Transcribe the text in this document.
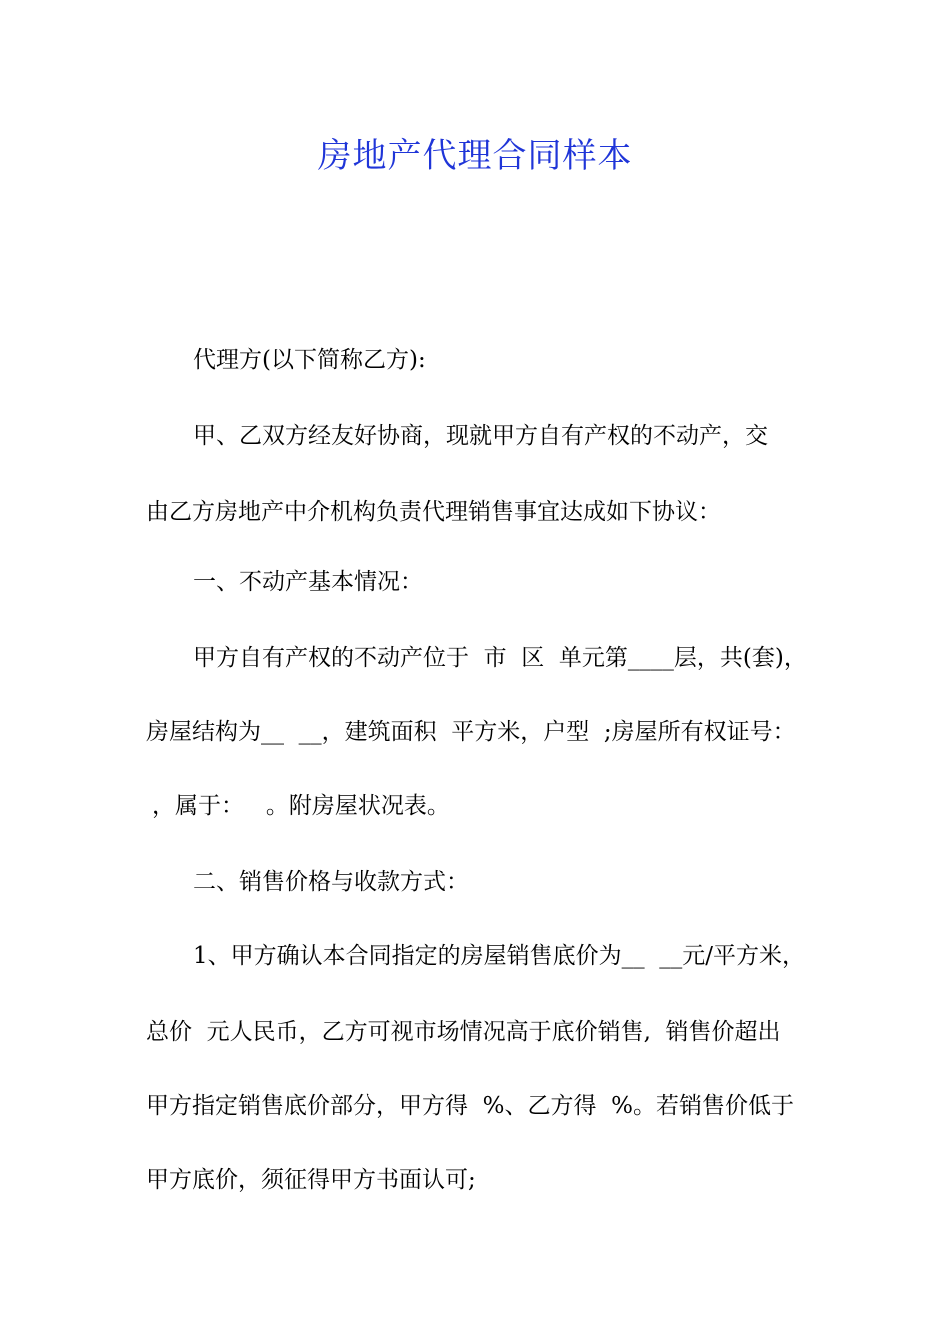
房地产代理合同样本
代理方(以下简称乙方):
甲、乙双方经友好协商，现就甲方自有产权的不动产，交
由乙方房地产中介机构负责代理销售事宜达成如下协议：
一、不动产基本情况：
甲方自有产权的不动产位于  市  区  单元第____层，共(套)，
房屋结构为__  __，建筑面积  平方米，户型  ;房屋所有权证号：
，属于：   。附房屋状况表。
二、销售价格与收款方式：
1、甲方确认本合同指定的房屋销售底价为__  __元/平方米，
总价  元人民币，乙方可视市场情况高于底价销售,  销售价超出
甲方指定销售底价部分，甲方得  %、乙方得  %。若销售价低于
甲方底价，须征得甲方书面认可;
